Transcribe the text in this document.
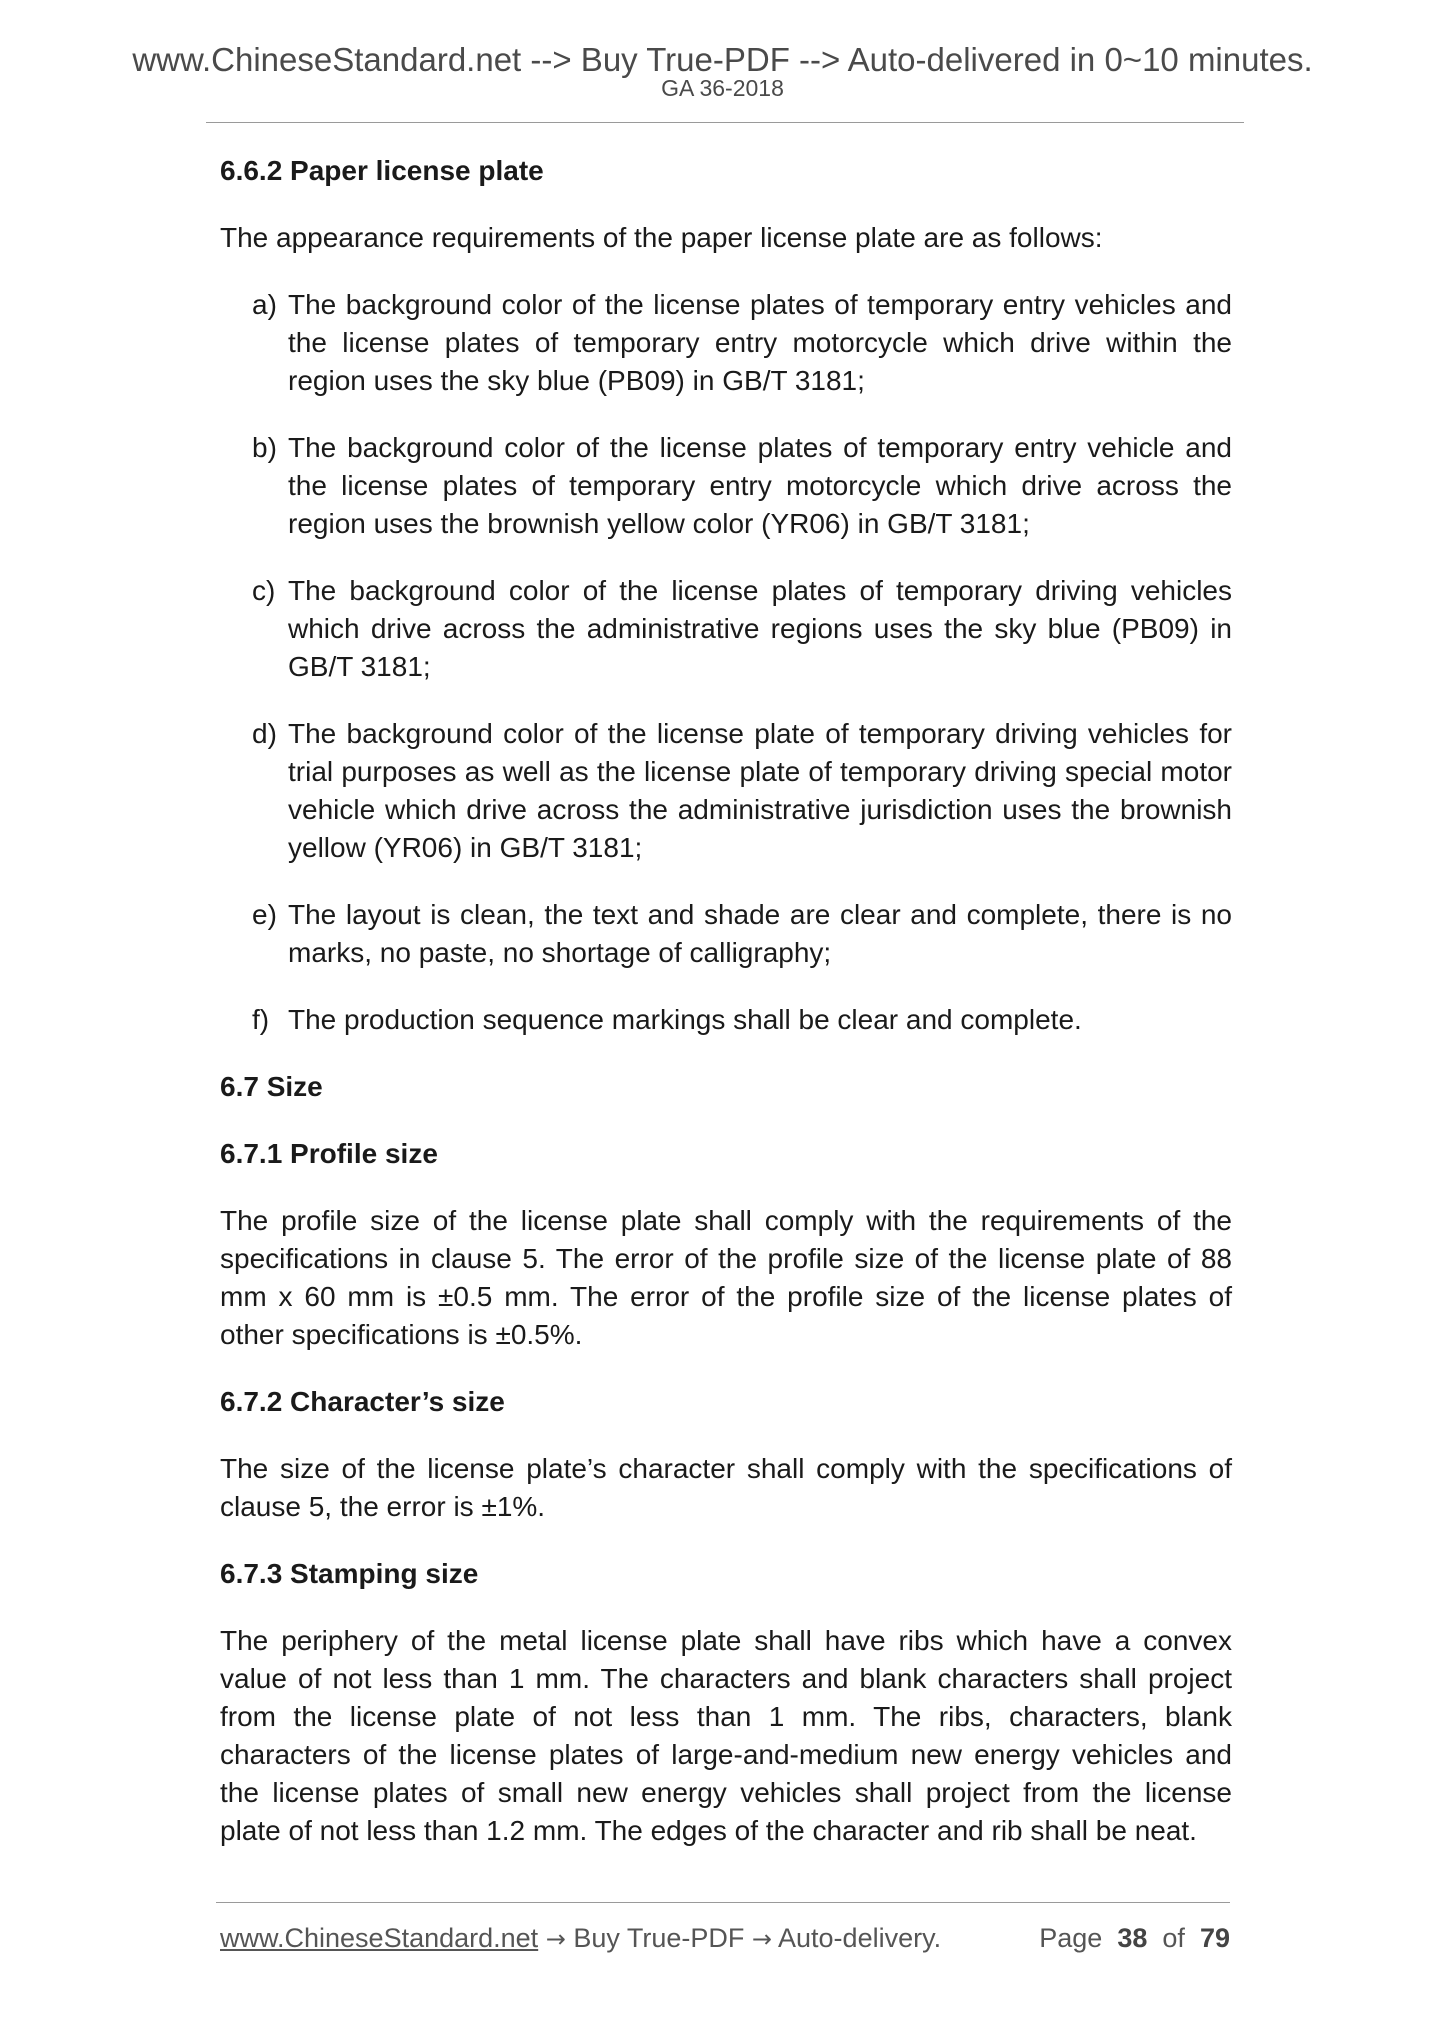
www.ChineseStandard.net --> Buy True-PDF --> Auto-delivered in 0~10 minutes.
GA 36-2018
6.6.2 Paper license plate
The appearance requirements of the paper license plate are as follows:
a) The background color of the license plates of temporary entry vehicles and the license plates of temporary entry motorcycle which drive within the region uses the sky blue (PB09) in GB/T 3181;
b) The background color of the license plates of temporary entry vehicle and the license plates of temporary entry motorcycle which drive across the region uses the brownish yellow color (YR06) in GB/T 3181;
c) The background color of the license plates of temporary driving vehicles which drive across the administrative regions uses the sky blue (PB09) in GB/T 3181;
d) The background color of the license plate of temporary driving vehicles for trial purposes as well as the license plate of temporary driving special motor vehicle which drive across the administrative jurisdiction uses the brownish yellow (YR06) in GB/T 3181;
e) The layout is clean, the text and shade are clear and complete, there is no marks, no paste, no shortage of calligraphy;
f) The production sequence markings shall be clear and complete.
6.7 Size
6.7.1 Profile size
The profile size of the license plate shall comply with the requirements of the specifications in clause 5. The error of the profile size of the license plate of 88 mm x 60 mm is ±0.5 mm. The error of the profile size of the license plates of other specifications is ±0.5%.
6.7.2 Character’s size
The size of the license plate’s character shall comply with the specifications of clause 5, the error is ±1%.
6.7.3 Stamping size
The periphery of the metal license plate shall have ribs which have a convex value of not less than 1 mm. The characters and blank characters shall project from the license plate of not less than 1 mm. The ribs, characters, blank characters of the license plates of large-and-medium new energy vehicles and the license plates of small new energy vehicles shall project from the license plate of not less than 1.2 mm. The edges of the character and rib shall be neat.
www.ChineseStandard.net → Buy True-PDF → Auto-delivery.	Page 38 of 79
